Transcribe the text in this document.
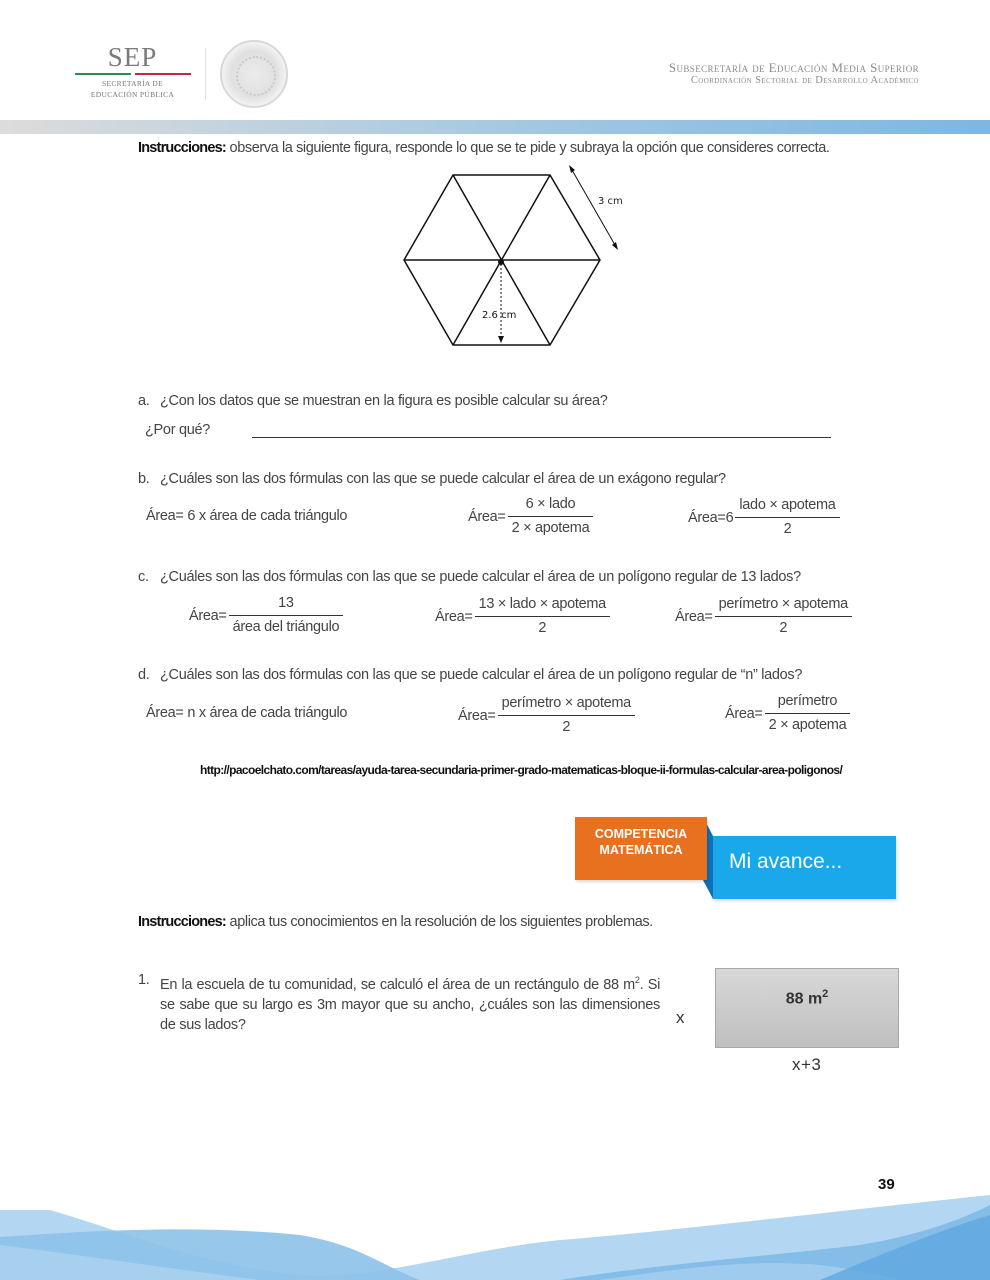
SEP
SECRETARÍA DE
EDUCACIÓN PÚBLICA
Subsecretaría de Educación Media Superior
Coordinación Sectorial de Desarrollo Académico
Instrucciones: observa la siguiente figura, responde lo que se te pide y subraya la opción que consideres correcta.
3 cm
2.6 cm
a. ¿Con los datos que se muestran en la figura es posible calcular su área?
¿Por qué?
b. ¿Cuáles son las dos fórmulas con las que se puede calcular el área de un exágono regular?
Área= 6 x área de cada triángulo	Área= $\frac{\text{6 × lado}}{\text{2 × apotema}}$	Área=6 $\frac{\text{lado × apotema}}{2}$
c. ¿Cuáles son las dos fórmulas con las que se puede calcular el área de un polígono regular de 13 lados?
Área= $\frac{13}{\text{área del triángulo}}$	Área= $\frac{\text{13 × lado × apotema}}{2}$	Área= $\frac{\text{perímetro × apotema}}{2}$
d. ¿Cuáles son las dos fórmulas con las que se puede calcular el área de un polígono regular de “n” lados?
Área= n x área de cada triángulo	Área= $\frac{\text{perímetro × apotema}}{2}$	Área= $\frac{\text{perímetro}}{\text{2 × apotema}}$
http://pacoelchato.com/tareas/ayuda-tarea-secundaria-primer-grado-matematicas-bloque-ii-formulas-calcular-area-poligonos/
Mi avance...
COMPETENCIA
MATEMÁTICA
Instrucciones: aplica tus conocimientos en la resolución de los siguientes problemas.
1. En la escuela de tu comunidad, se calculó el área de un rectángulo de 88 $m^2$. Si se sabe que su largo es 3m mayor que su ancho, ¿cuáles son las dimensiones de sus lados?	x
88 $m^2$
x+3
39
